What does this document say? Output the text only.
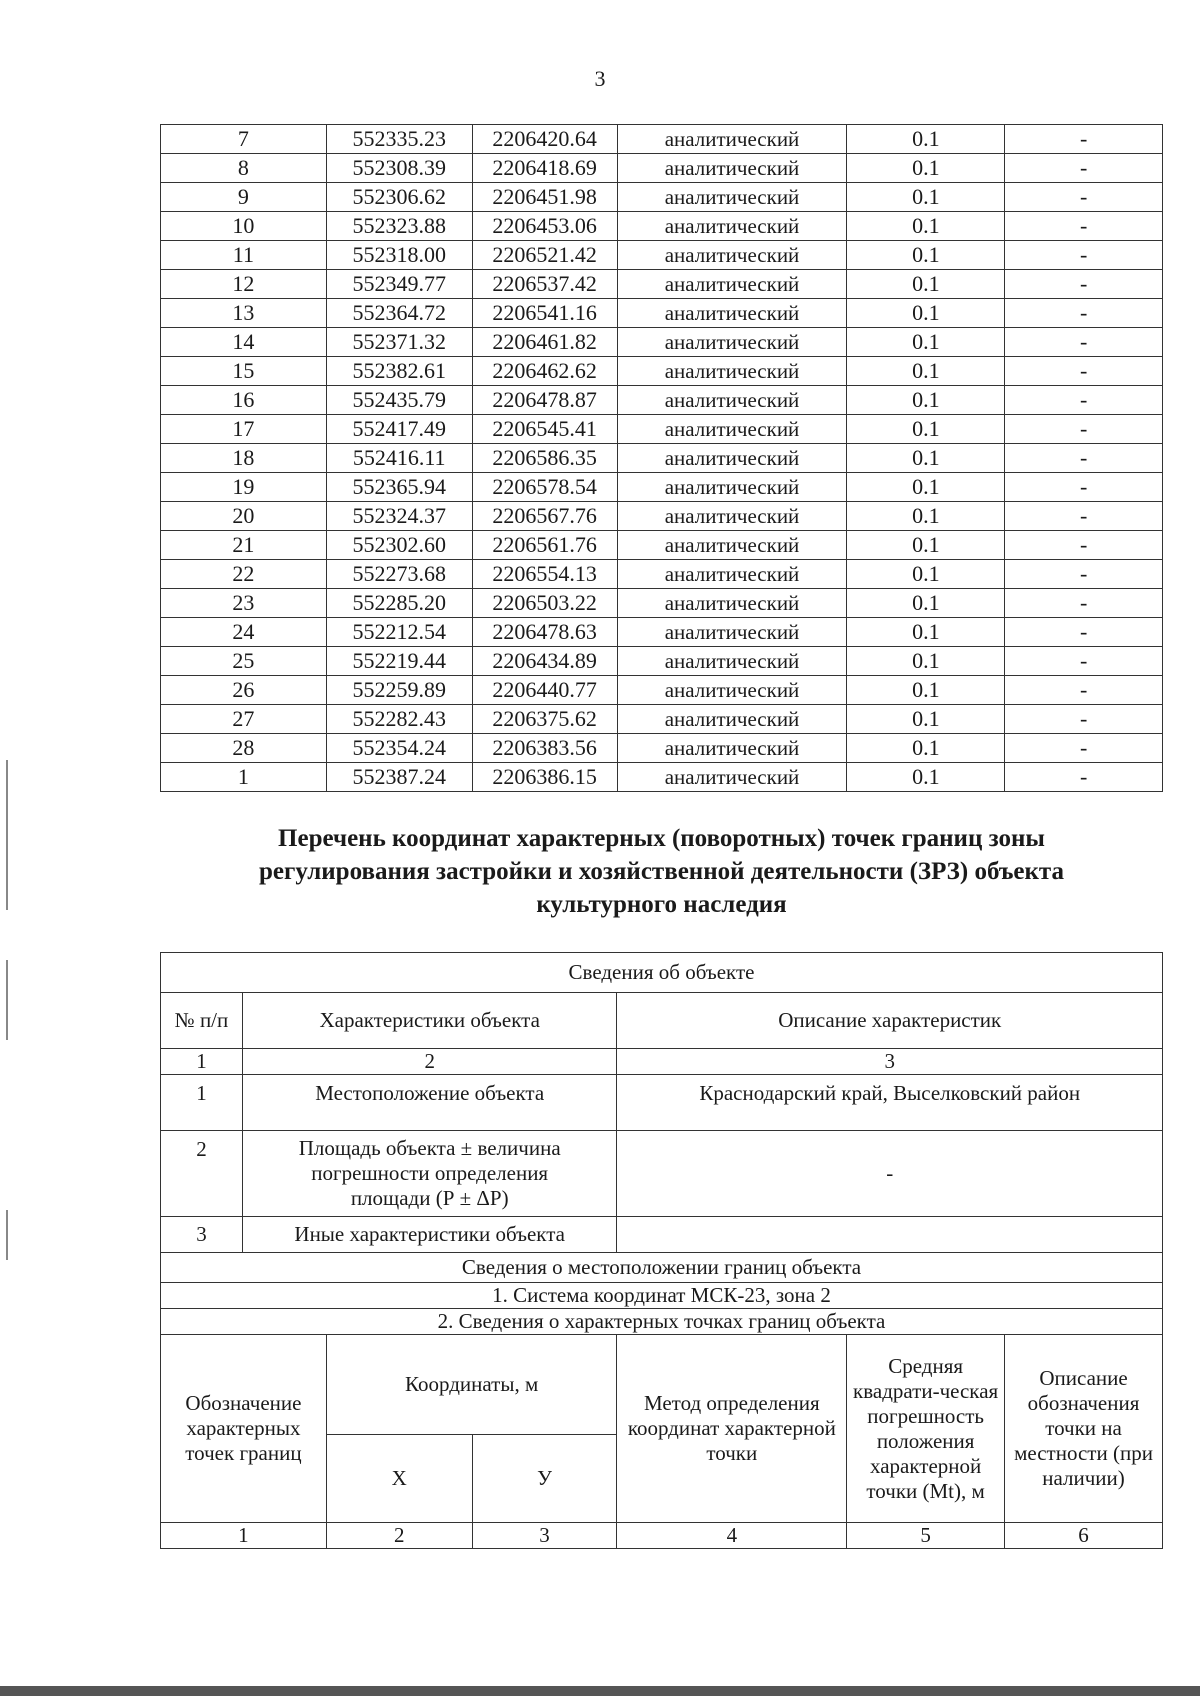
3
7	552335.23	2206420.64	аналитический	0.1	-
8	552308.39	2206418.69	аналитический	0.1	-
9	552306.62	2206451.98	аналитический	0.1	-
10	552323.88	2206453.06	аналитический	0.1	-
11	552318.00	2206521.42	аналитический	0.1	-
12	552349.77	2206537.42	аналитический	0.1	-
13	552364.72	2206541.16	аналитический	0.1	-
14	552371.32	2206461.82	аналитический	0.1	-
15	552382.61	2206462.62	аналитический	0.1	-
16	552435.79	2206478.87	аналитический	0.1	-
17	552417.49	2206545.41	аналитический	0.1	-
18	552416.11	2206586.35	аналитический	0.1	-
19	552365.94	2206578.54	аналитический	0.1	-
20	552324.37	2206567.76	аналитический	0.1	-
21	552302.60	2206561.76	аналитический	0.1	-
22	552273.68	2206554.13	аналитический	0.1	-
23	552285.20	2206503.22	аналитический	0.1	-
24	552212.54	2206478.63	аналитический	0.1	-
25	552219.44	2206434.89	аналитический	0.1	-
26	552259.89	2206440.77	аналитический	0.1	-
27	552282.43	2206375.62	аналитический	0.1	-
28	552354.24	2206383.56	аналитический	0.1	-
1	552387.24	2206386.15	аналитический	0.1	-
Перечень координат характерных (поворотных) точек границ зоны
регулирования застройки и хозяйственной деятельности (ЗРЗ) объекта
культурного наследия
Сведения об объекте						
№ п/п	Характеристики объекта			Описание характеристик		
1	2			3		
1	Местоположение объекта			Краснодарский край, Выселковский район		
2	Площадь объекта ± величина погрешности определения площади (Р ± ΔР)			-		
3	Иные характеристики объекта					
Сведения о местоположении границ объекта						
1. Система координат МСК-23, зона 2						
2. Сведения о характерных точках границ объекта						
Обозначение характерных точек границ		Координаты, м		Метод определения координат характерной точки	Средняя квадрати-ческая погрешность положения характерной точки (Мt), м	Описание обозначения точки на местности (при наличии)
		X	У			
1		2	3	4	5	6
